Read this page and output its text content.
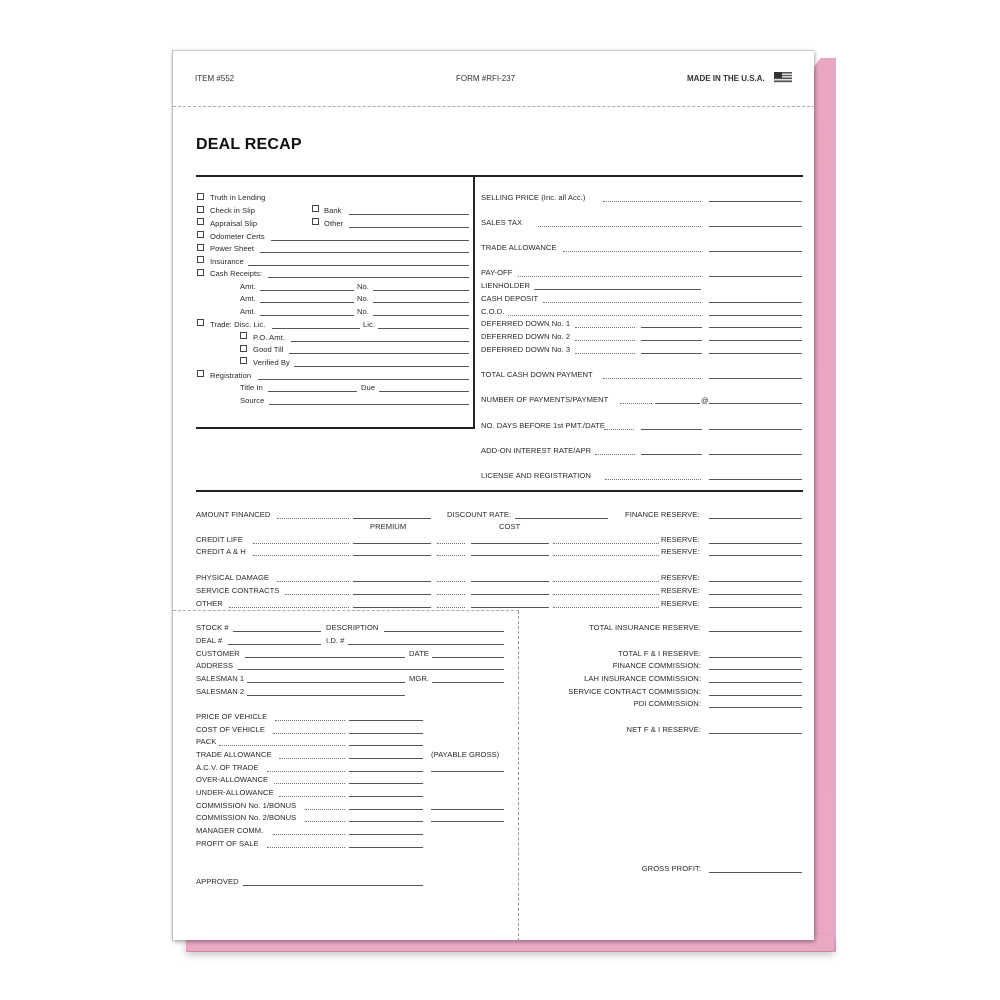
ITEM #552	FORM #RFI-237	MADE IN THE U.S.A.
DEAL RECAP
Truth in Lending
Check in Slip	Bank
Appraisal Slip	Other
Odometer Certs
Power Sheet
Insurance
Cash Receipts:
Amt.	No.
Amt.	No.
Amt.	No.
Trade: Disc. Lic.	Lic.
P.O. Amt.
Good Till
Verified By
Registration
Title In	Due
Source
SELLING PRICE (Inc. all Acc.)
SALES TAX
TRADE ALLOWANCE
PAY-OFF
LIENHOLDER
CASH DEPOSIT
C.O.D.
DEFERRED DOWN No. 1
DEFERRED DOWN No. 2
DEFERRED DOWN No. 3
TOTAL CASH DOWN PAYMENT
NUMBER OF PAYMENTS/PAYMENT	@
NO. DAYS BEFORE 1st PMT./DATE
ADD-ON INTEREST RATE/APR
LICENSE AND REGISTRATION
AMOUNT FINANCED	DISCOUNT RATE:	FINANCE RESERVE:
PREMIUM	COST
CREDIT LIFE	RESERVE:
CREDIT A & H	RESERVE:
PHYSICAL DAMAGE	RESERVE:
SERVICE CONTRACTS	RESERVE:
OTHER	RESERVE:
STOCK #	DESCRIPTION
DEAL #	I.D. #
CUSTOMER	DATE
ADDRESS
SALESMAN 1	MGR.
SALESMAN 2
PRICE OF VEHICLE
COST OF VEHICLE
PACK
TRADE ALLOWANCE	(PAYABLE GROSS)
A.C.V. OF TRADE
OVER-ALLOWANCE
UNDER-ALLOWANCE
COMMISSION No. 1/BONUS
COMMISSION No. 2/BONUS
MANAGER COMM.
PROFIT OF SALE
APPROVED
TOTAL INSURANCE RESERVE:
TOTAL F & I RESERVE:
FINANCE COMMISSION:
LAH INSURANCE COMMISSION:
SERVICE CONTRACT COMMISSION:
PDI COMMISSION:
NET F & I RESERVE:
GROSS PROFIT:
